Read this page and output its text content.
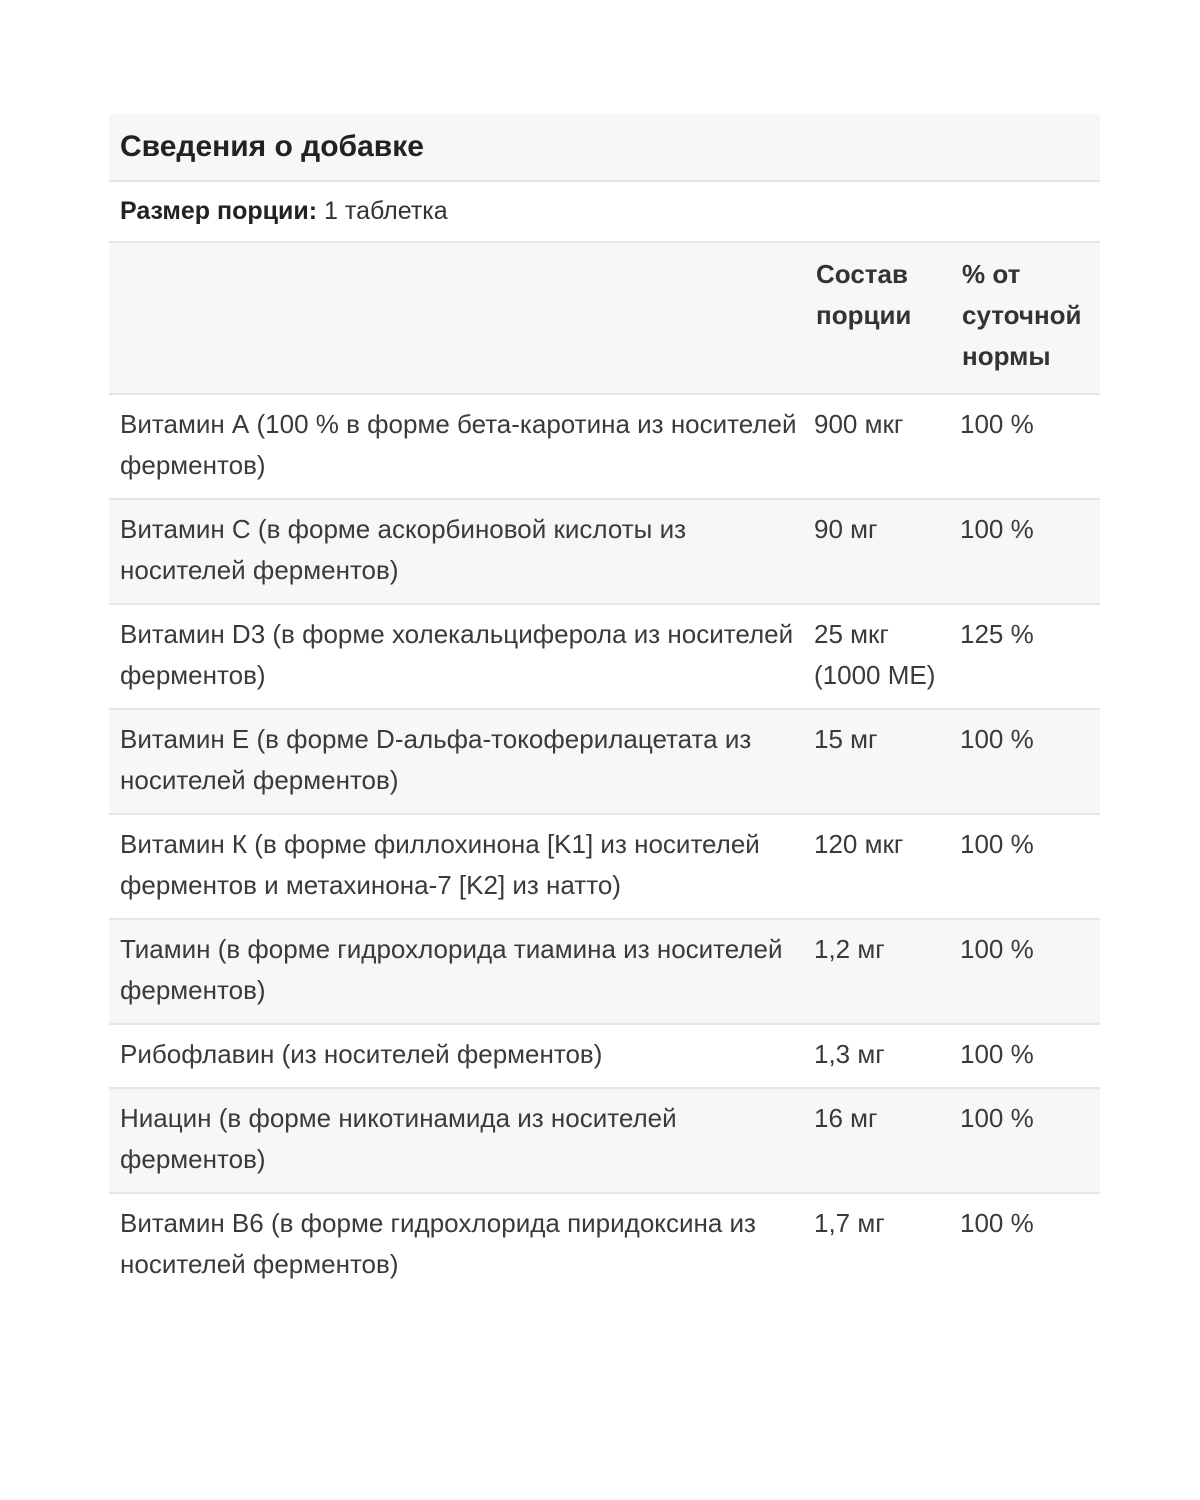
Сведения о добавке
Размер порции: 1 таблетка
	Состав порции	% от суточной нормы
Витамин А (100 % в форме бета-каротина из носителей ферментов)	900 мкг	100 %
Витамин С (в форме аскорбиновой кислоты из носителей ферментов)	90 мг	100 %
Витамин D3 (в форме холекальциферола из носителей ферментов)	25 мкг (1000 МЕ)	125 %
Витамин Е (в форме D-альфа-токоферилацетата из носителей ферментов)	15 мг	100 %
Витамин К (в форме филлохинона [K1] из носителей ферментов и метахинона-7 [K2] из натто)	120 мкг	100 %
Тиамин (в форме гидрохлорида тиамина из носителей ферментов)	1,2 мг	100 %
Рибофлавин (из носителей ферментов)	1,3 мг	100 %
Ниацин (в форме никотинамида из носителей ферментов)	16 мг	100 %
Витамин В6 (в форме гидрохлорида пиридоксина из носителей ферментов)	1,7 мг	100 %
